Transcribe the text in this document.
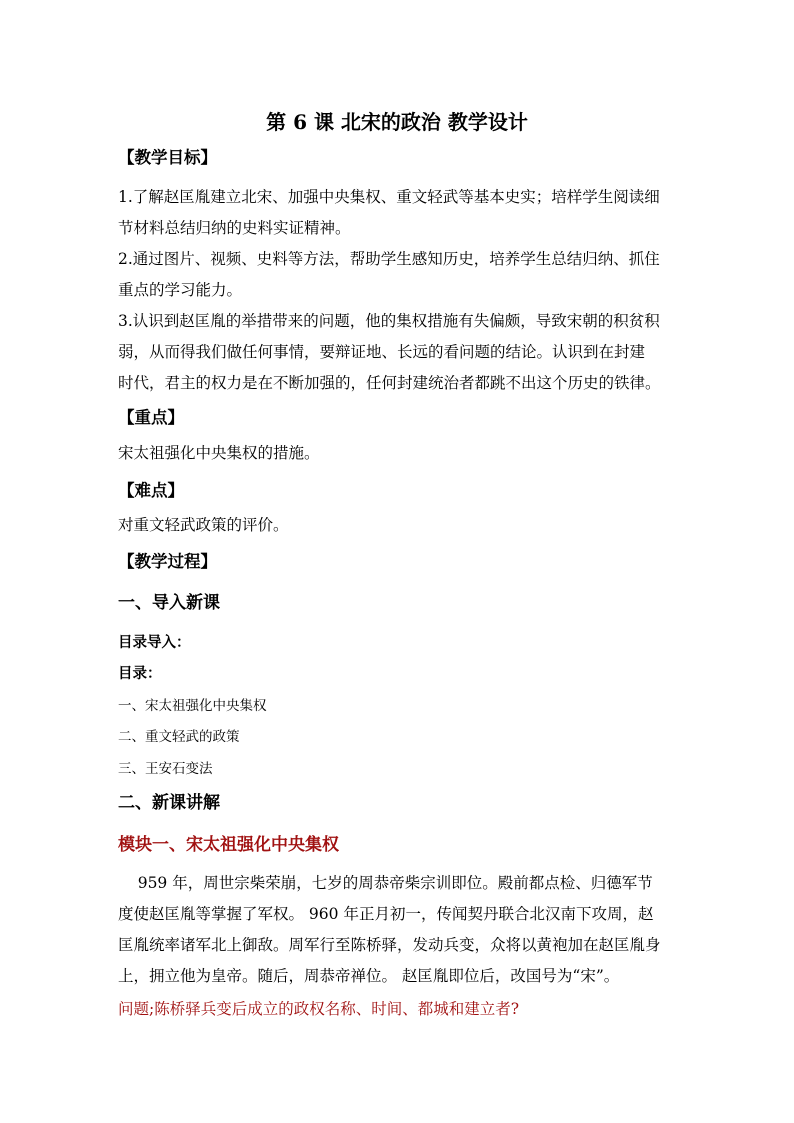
第 6 课 北宋的政治 教学设计
【教学目标】
1.了解赵匡胤建立北宋、加强中央集权、重文轻武等基本史实；培样学生阅读细
节材料总结归纳的史料实证精神。
2.通过图片、视频、史料等方法，帮助学生感知历史，培养学生总结归纳、抓住
重点的学习能力。
3.认识到赵匡胤的举措带来的问题，他的集权措施有失偏颇，导致宋朝的积贫积
弱，从而得我们做任何事情，要辩证地、长远的看问题的结论。认识到在封建
时代，君主的权力是在不断加强的，任何封建统治者都跳不出这个历史的铁律。
【重点】
宋太祖强化中央集权的措施。
【难点】
对重文轻武政策的评价。
【教学过程】
一、导入新课
目录导入：
目录：
一、宋太祖强化中央集权
二、重文轻武的政策
三、王安石变法
二、新课讲解
模块一、宋太祖强化中央集权
959 年，周世宗柴荣崩，七岁的周恭帝柴宗训即位。殿前都点检、归德军节
度使赵匡胤等掌握了军权。 960 年正月初一，传闻契丹联合北汉南下攻周，赵
匡胤统率诸军北上御敌。周军行至陈桥驿，发动兵变，众将以黄袍加在赵匡胤身
上，拥立他为皇帝。随后，周恭帝禅位。 赵匡胤即位后，改国号为“宋”。
问题;陈桥驿兵变后成立的政权名称、时间、都城和建立者?
